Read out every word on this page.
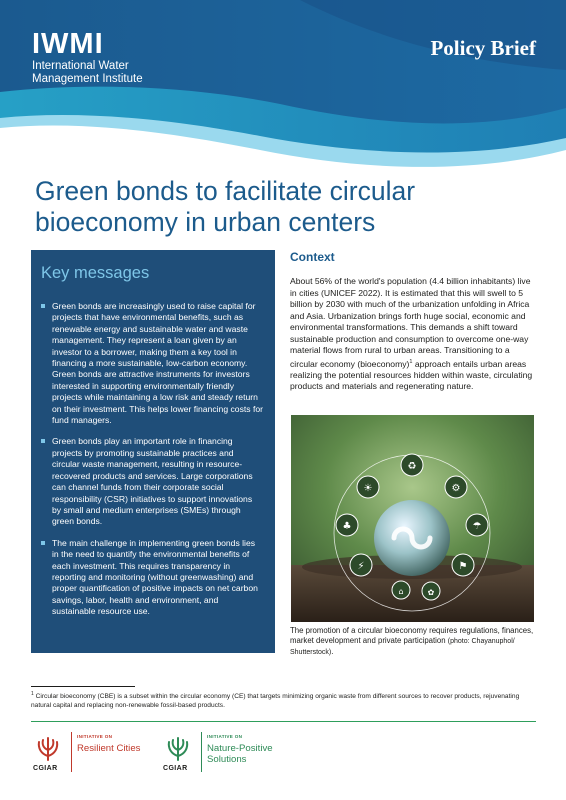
IWMI
International Water
Management Institute
Policy Brief
Green bonds to facilitate circular
bioeconomy in urban centers
Key messages
Green bonds are increasingly used to raise capital for projects that have environmental benefits, such as renewable energy and sustainable water and waste management. They represent a loan given by an investor to a borrower, making them a key tool in financing a more sustainable, low-carbon economy. Green bonds are attractive instruments for investors interested in supporting environmentally friendly projects while maintaining a low risk and steady return on their investment. This helps lower financing costs for fund managers.
Green bonds play an important role in financing projects by promoting sustainable practices and circular waste management, resulting in resource-recovered products and services. Large corporations can channel funds from their corporate social responsibility (CSR) initiatives to support innovations by small and medium enterprises (SMEs) through green bonds.
The main challenge in implementing green bonds lies in the need to quantify the environmental benefits of each investment. This requires transparency in reporting and monitoring (without greenwashing) and proper quantification of positive impacts on net carbon savings, labor, health and environment, and sustainable resource use.
Context

About 56% of the world's population (4.4 billion inhabitants) live in cities (UNICEF 2022). It is estimated that this will swell to 5 billion by 2030 with much of the urbanization unfolding in Africa and Asia. Urbanization brings forth huge social, economic and environmental transformations. This demands a shift toward sustainable production and consumption to overcome one-way material flows from rural to urban areas. Transitioning to a circular economy (bioeconomy)$^1$ approach entails urban areas realizing the potential resources hidden within waste, circulating products and materials and regenerating nature.

♻
⚙
☂
⚑
♣
☀
⚡
⌂	✿

The promotion of a circular bioeconomy requires regulations, finances, market development and private participation (photo: Chayanuphol/ Shutterstock).

$^1$ Circular bioeconomy (CBE) is a subset within the circular economy (CE) that targets minimizing organic waste from different sources to recover products, rejuvenating natural capital and replacing non-renewable fossil-based products.

CGIAR
INITIATIVE ON
Resilient Cities
CGIAR
INITIATIVE ON
Nature-Positive
Solutions
